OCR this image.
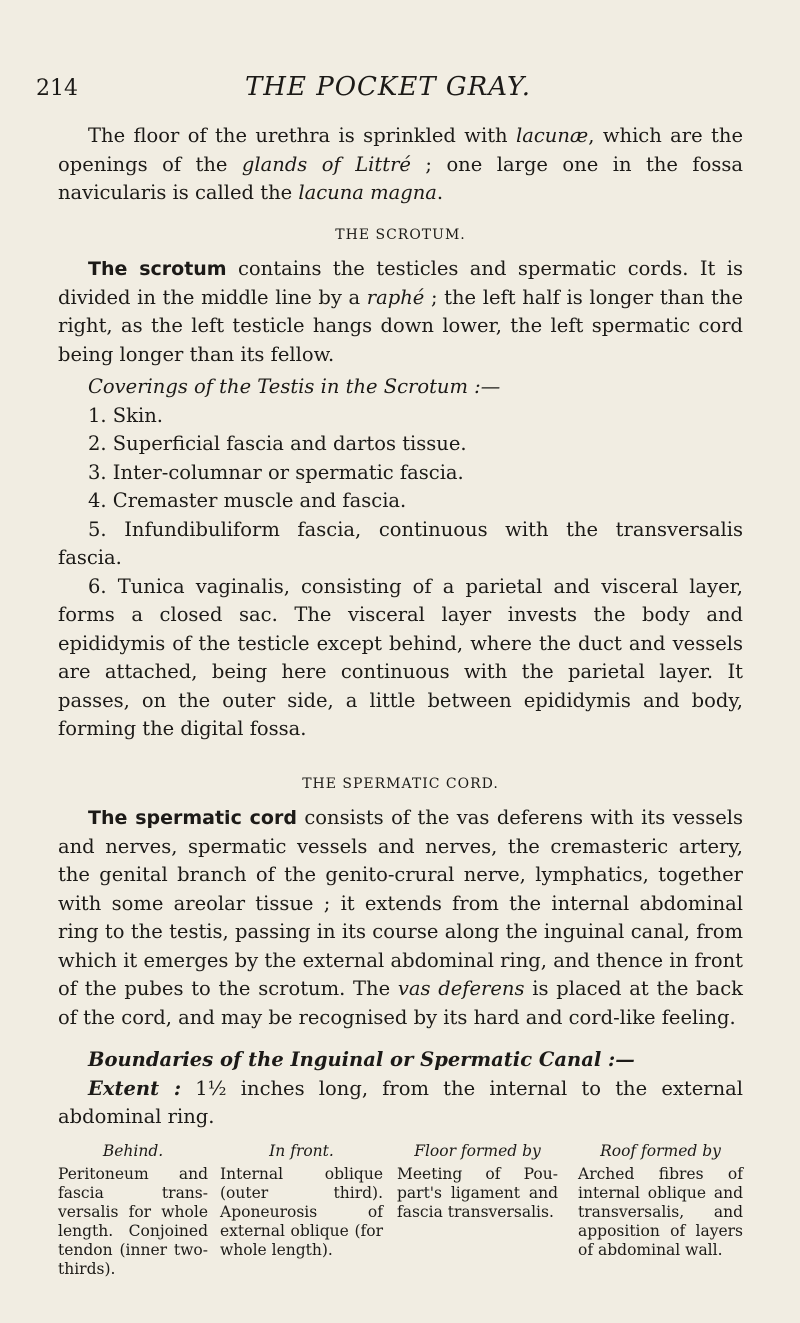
214	THE POCKET GRAY.

The floor of the urethra is sprinkled with lacunæ, which are the openings of the glands of Littré ; one large one in the fossa navicularis is called the lacuna magna.

THE SCROTUM.

The scrotum contains the testicles and spermatic cords. It is divided in the middle line by a raphé ; the left half is longer than the right, as the left testicle hangs down lower, the left spermatic cord being longer than its fellow.

Coverings of the Testis in the Scrotum :—

1. Skin.

2. Superficial fascia and dartos tissue.

3. Inter-columnar or spermatic fascia.

4. Cremaster muscle and fascia.

5. Infundibuliform fascia, continuous with the transversalis fascia.

6. Tunica vaginalis, consisting of a parietal and visceral layer, forms a closed sac. The visceral layer invests the body and epididymis of the testicle except behind, where the duct and vessels are attached, being here continuous with the parietal layer. It passes, on the outer side, a little between epididymis and body, forming the digital fossa.

THE SPERMATIC CORD.

The spermatic cord consists of the vas deferens with its vessels and nerves, spermatic vessels and nerves, the cremasteric artery, the genital branch of the genito-crural nerve, lymphatics, together with some areolar tissue ; it extends from the internal abdominal ring to the testis, passing in its course along the inguinal canal, from which it emerges by the external abdominal ring, and thence in front of the pubes to the scrotum. The vas deferens is placed at the back of the cord, and may be recognised by its hard and cord-like feeling.

Boundaries of the Inguinal or Spermatic Canal :—

Extent : 1½ inches long, from the internal to the external abdominal ring.

Behind.
Peritoneum and fascia transversalis for whole length. Conjoined tendon (inner two-thirds).
In front.
Internal oblique (outer third). Aponeurosis of external oblique (for whole length).
Floor formed by
Meeting of Poupart's ligament and fascia transversalis.
Roof formed by
Arched fibres of internal oblique and transversalis, and apposition of layers of abdominal wall.
